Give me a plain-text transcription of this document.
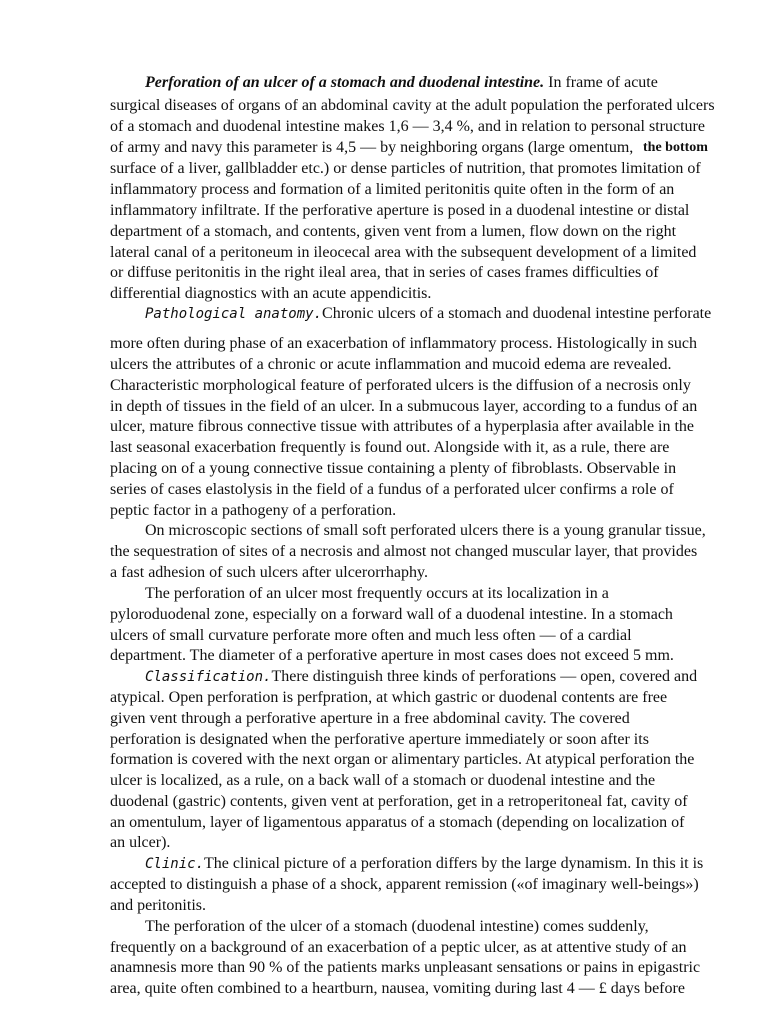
Perforation of an ulcer of a stomach and duodenal intestine. In frame of acute
surgical diseases of organs of an abdominal cavity at the adult population the perforated ulcers
of a stomach and duodenal intestine makes 1,6 — 3,4 %, and in relation to personal structure
of army and navy this parameter is 4,5 — by neighboring organs (large omentum, the bottom
surface of a liver, gallbladder etc.) or dense particles of nutrition, that promotes limitation of
inflammatory process and formation of a limited peritonitis quite often in the form of an
inflammatory infiltrate. If the perforative aperture is posed in a duodenal intestine or distal
department of a stomach, and contents, given vent from a lumen, flow down on the right
lateral canal of a peritoneum in ileocecal area with the subsequent development of a limited
or diffuse peritonitis in the right ileal area, that in series of cases frames difficulties of
differential diagnostics with an acute appendicitis.
Pathological anatomy.Chronic ulcers of a stomach and duodenal intestine perforate
more often during phase of an exacerbation of inflammatory process. Histologically in such
ulcers the attributes of a chronic or acute inflammation and mucoid edema are revealed.
Characteristic morphological feature of perforated ulcers is the diffusion of a necrosis only
in depth of tissues in the field of an ulcer. In a submucous layer, according to a fundus of an
ulcer, mature fibrous connective tissue with attributes of a hyperplasia after available in the
last seasonal exacerbation frequently is found out. Alongside with it, as a rule, there are
placing on of a young connective tissue containing a plenty of fibroblasts. Observable in
series of cases elastolysis in the field of a fundus of a perforated ulcer confirms a role of
peptic factor in a pathogeny of a perforation.
On microscopic sections of small soft perforated ulcers there is a young granular tissue,
the sequestration of sites of a necrosis and almost not changed muscular layer, that provides
a fast adhesion of such ulcers after ulcerorrhaphy.
The perforation of an ulcer most frequently occurs at its localization in a
pyloroduodenal zone, especially on a forward wall of a duodenal intestine. In a stomach
ulcers of small curvature perforate more often and much less often — of a cardial
department. The diameter of a perforative aperture in most cases does not exceed 5 mm.
Classification.There distinguish three kinds of perforations — open, covered and
atypical. Open perforation is perfpration, at which gastric or duodenal contents are free
given vent through a perforative aperture in a free abdominal cavity. The covered
perforation is designated when the perforative aperture immediately or soon after its
formation is covered with the next organ or alimentary particles. At atypical perforation the
ulcer is localized, as a rule, on a back wall of a stomach or duodenal intestine and the
duodenal (gastric) contents, given vent at perforation, get in a retroperitoneal fat, cavity of
an omentulum, layer of ligamentous apparatus of a stomach (depending on localization of
an ulcer).
Clinic.The clinical picture of a perforation differs by the large dynamism. In this it is
accepted to distinguish a phase of a shock, apparent remission («of imaginary well-beings»)
and peritonitis.
The perforation of the ulcer of a stomach (duodenal intestine) comes suddenly,
frequently on a background of an exacerbation of a peptic ulcer, as at attentive study of an
anamnesis more than 90 % of the patients marks unpleasant sensations or pains in epigastric
area, quite often combined to a heartburn, nausea, vomiting during last 4 — £ days before
